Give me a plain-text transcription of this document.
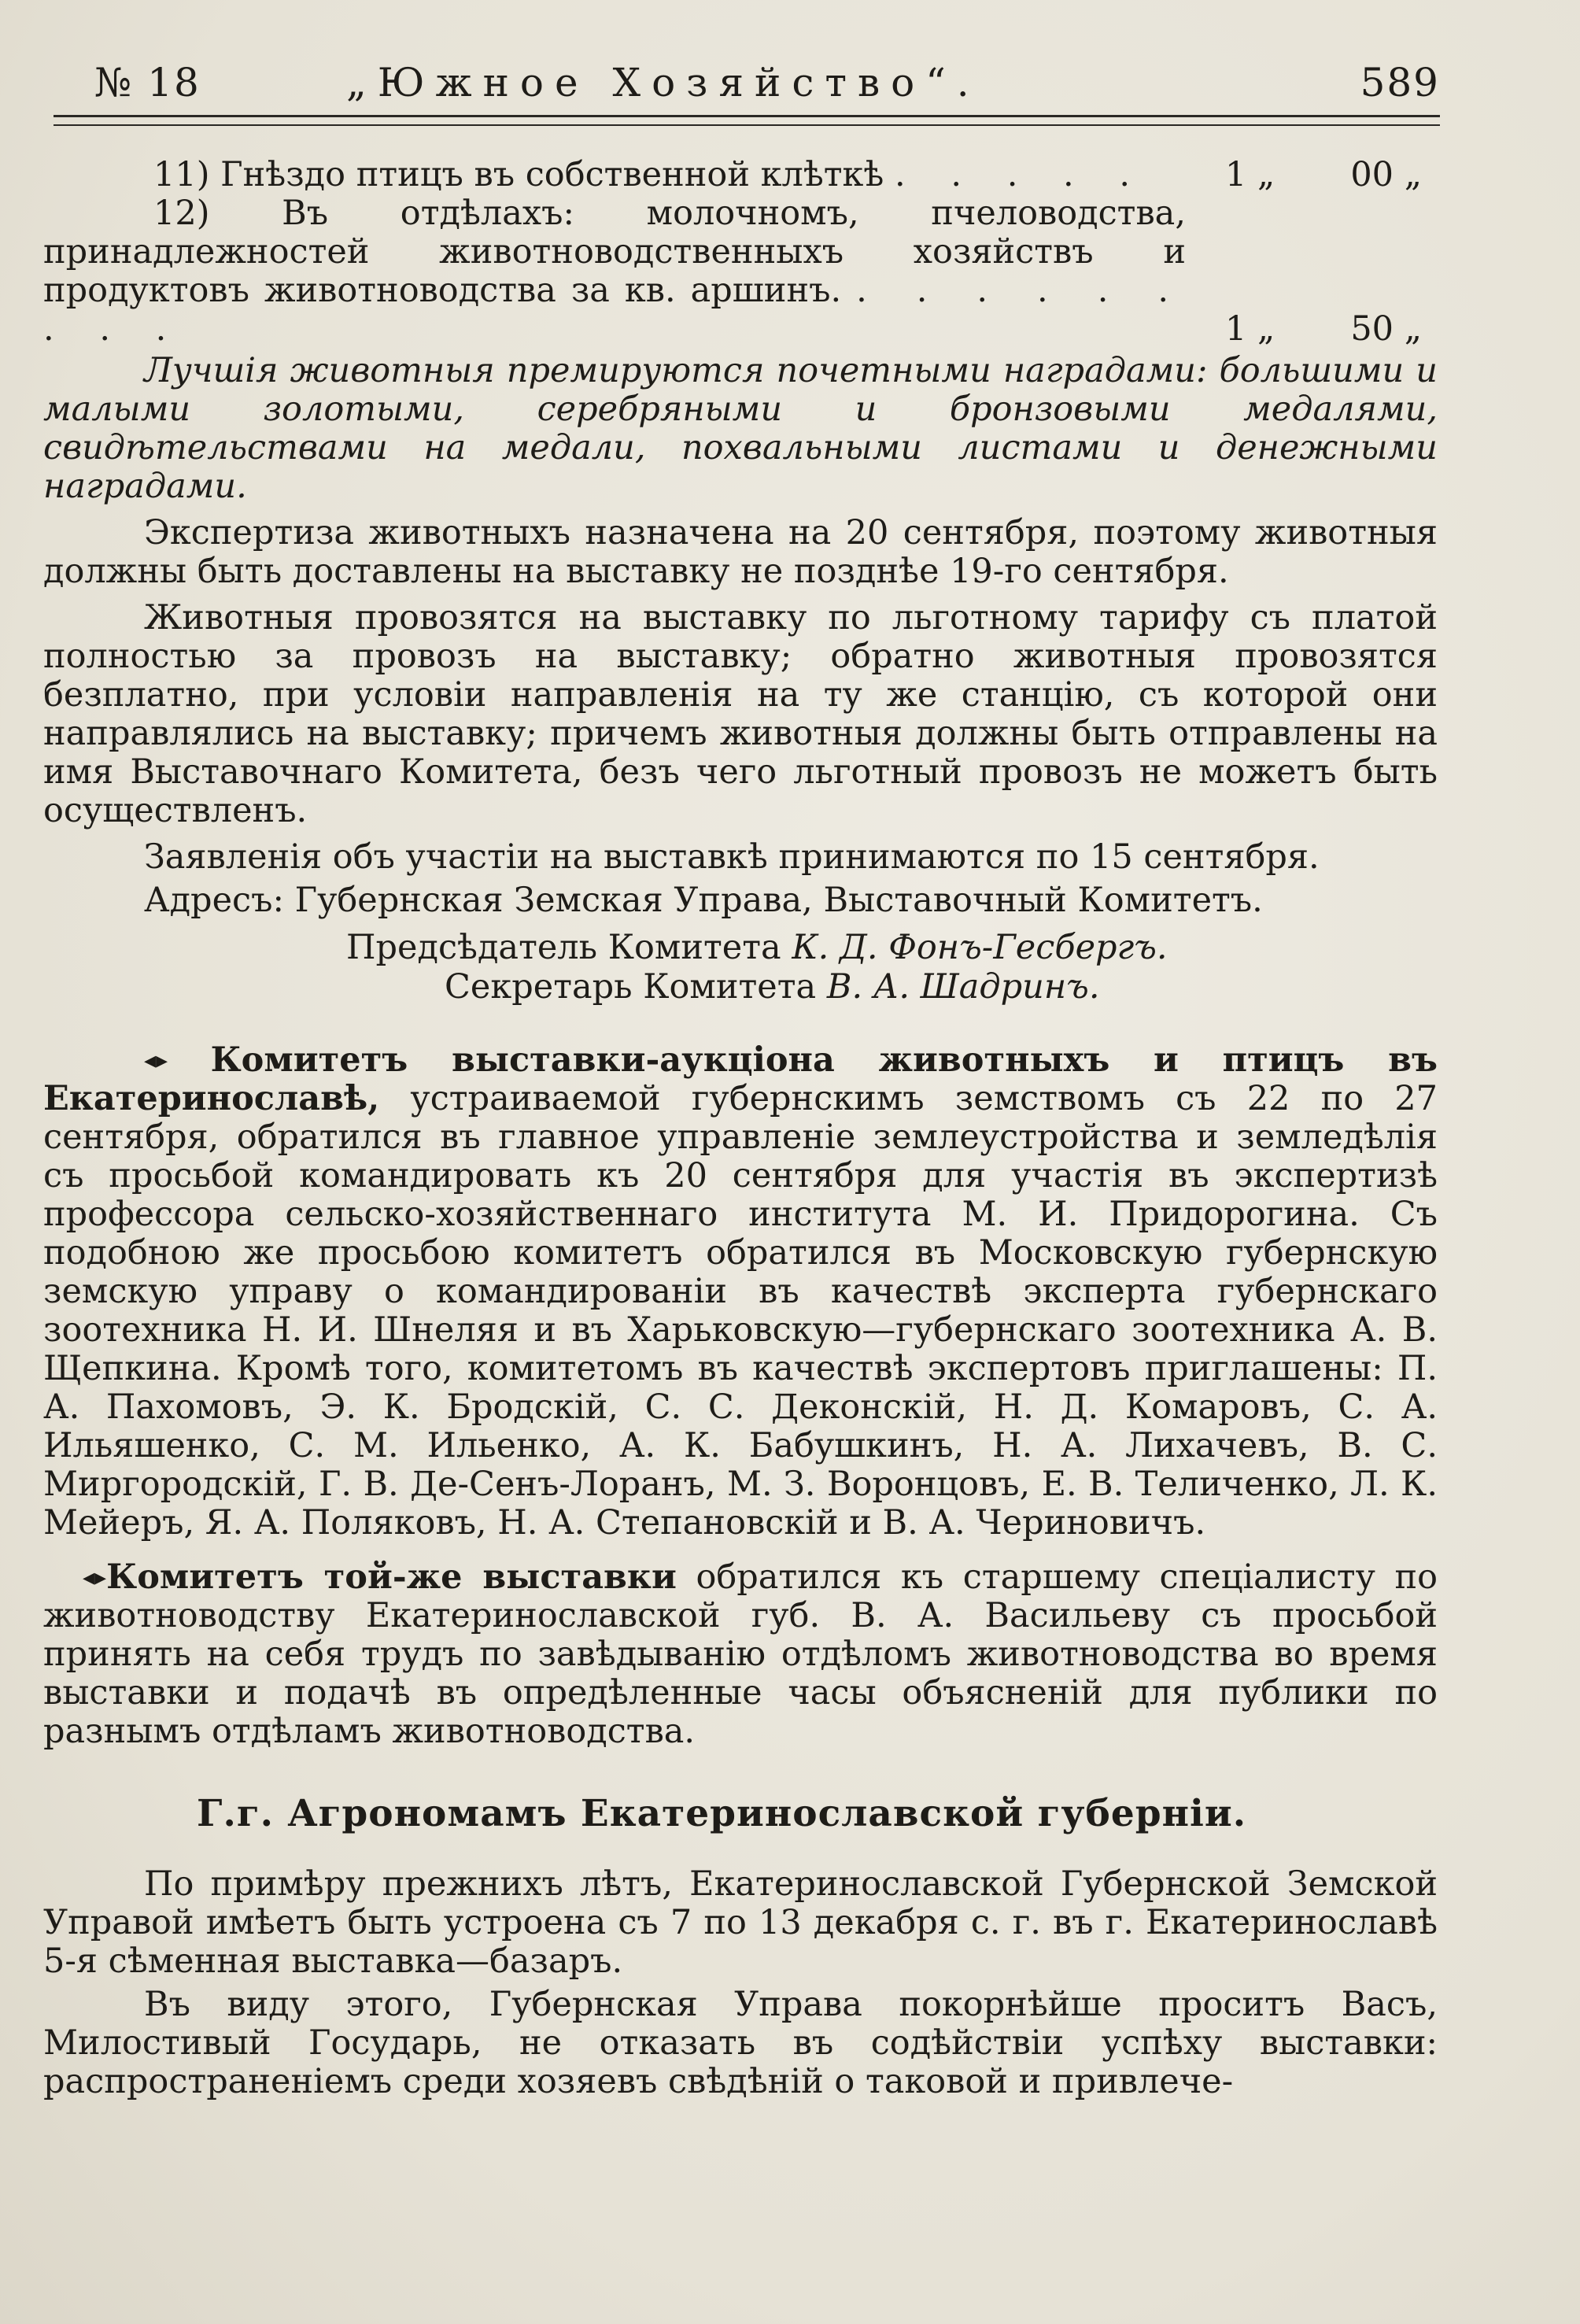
№ 18	„Южное Хозяйство“.	589
11) Гнѣздо птицъ въ собственной клѣткѣ . . . . .	1 „ 00 „
12) Въ отдѣлахъ: молочномъ, пчеловодства, принадлежностей животноводственныхъ хозяйствъ и продуктовъ животноводства за кв. аршинъ. . . . . . . . . .	1 „ 50 „

Лучшія животныя премируются почетными наградами: большими и малыми золотыми, серебряными и бронзовыми медалями, свидѣтельствами на медали, похвальными листами и денежными наградами.

Экспертиза животныхъ назначена на 20 сентября, поэтому животныя должны быть доставлены на выставку не позднѣе 19-го сентября.

Животныя провозятся на выставку по льготному тарифу съ платой полностью за провозъ на выставку; обратно животныя провозятся безплатно, при условіи направленія на ту же станцію, съ которой они направлялись на выставку; причемъ животныя должны быть отправлены на имя Выставочнаго Комитета, безъ чего льготный провозъ не можетъ быть осуществленъ.

Заявленія объ участіи на выставкѣ принимаются по 15 сентября.

Адресъ: Губернская Земская Управа, Выставочный Комитетъ.

Предсѣдатель Комитета К. Д. Фонъ-Гесбергъ.
Секретарь Комитета В. А. Шадринъ.

◂▸ Комитетъ выставки-аукціона животныхъ и птицъ въ Екатеринославѣ, устраиваемой губернскимъ земствомъ съ 22 по 27 сентября, обратился въ главное управленіе землеустройства и земледѣлія съ просьбой командировать къ 20 сентября для участія въ экспертизѣ профессора сельско-хозяйственнаго института М. И. Придорогина. Съ подобною же просьбою комитетъ обратился въ Московскую губернскую земскую управу о командированіи въ качествѣ эксперта губернскаго зоотехника Н. И. Шнеляя и въ Харьковскую—губернскаго зоотехника А. В. Щепкина. Кромѣ того, комитетомъ въ качествѣ экспертовъ приглашены: П. А. Пахомовъ, Э. К. Бродскій, С. С. Деконскій, Н. Д. Комаровъ, С. А. Ильяшенко, С. М. Ильенко, А. К. Бабушкинъ, Н. А. Лихачевъ, В. С. Миргородскій, Г. В. Де-Сенъ-Лоранъ, М. З. Воронцовъ, Е. В. Теличенко, Л. К. Мейеръ, Я. А. Поляковъ, Н. А. Степановскій и В. А. Чериновичъ.

◂▸Комитетъ той-же выставки обратился къ старшему спеціалисту по животноводству Екатеринославской губ. В. А. Васильеву съ просьбой принять на себя трудъ по завѣдыванію отдѣломъ животноводства во время выставки и подачѣ въ опредѣленные часы объясненій для публики по разнымъ отдѣламъ животноводства.

Г.г. Агрономамъ Екатеринославской губерніи.

По примѣру прежнихъ лѣтъ, Екатеринославской Губернской Земской Управой имѣетъ быть устроена съ 7 по 13 декабря с. г. въ г. Екатеринославѣ 5-я сѣменная выставка—базаръ.

Въ виду этого, Губернская Управа покорнѣйше проситъ Васъ, Милостивый Государь, не отказать въ содѣйствіи успѣху выставки: распространеніемъ среди хозяевъ свѣдѣній о таковой и привлече-
